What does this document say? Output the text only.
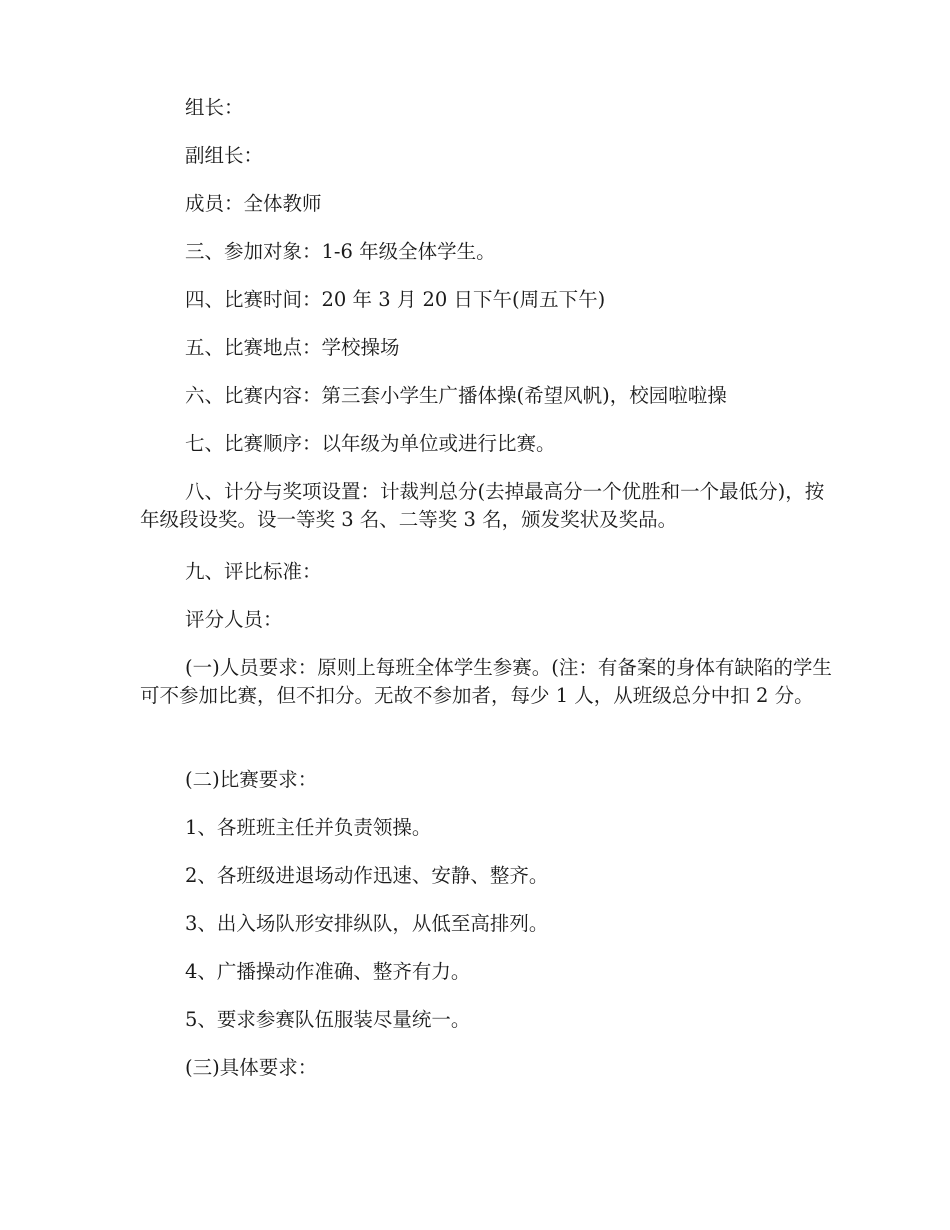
组长：

副组长：

成员：全体教师

三、参加对象：1-6 年级全体学生。

四、比赛时间：20 年 3 月 20 日下午(周五下午)

五、比赛地点：学校操场

六、比赛内容：第三套小学生广播体操(希望风帆)，校园啦啦操

七、比赛顺序：以年级为单位或进行比赛。

八、计分与奖项设置：计裁判总分(去掉最高分一个优胜和一个最低分)，按年级段设奖。设一等奖 3 名、二等奖 3 名，颁发奖状及奖品。

九、评比标准：

评分人员：

(一)人员要求：原则上每班全体学生参赛。(注：有备案的身体有缺陷的学生可不参加比赛，但不扣分。无故不参加者，每少 1 人，从班级总分中扣 2 分。

(二)比赛要求：

1、各班班主任并负责领操。

2、各班级进退场动作迅速、安静、整齐。

3、出入场队形安排纵队，从低至高排列。

4、广播操动作准确、整齐有力。

5、要求参赛队伍服装尽量统一。

(三)具体要求：
